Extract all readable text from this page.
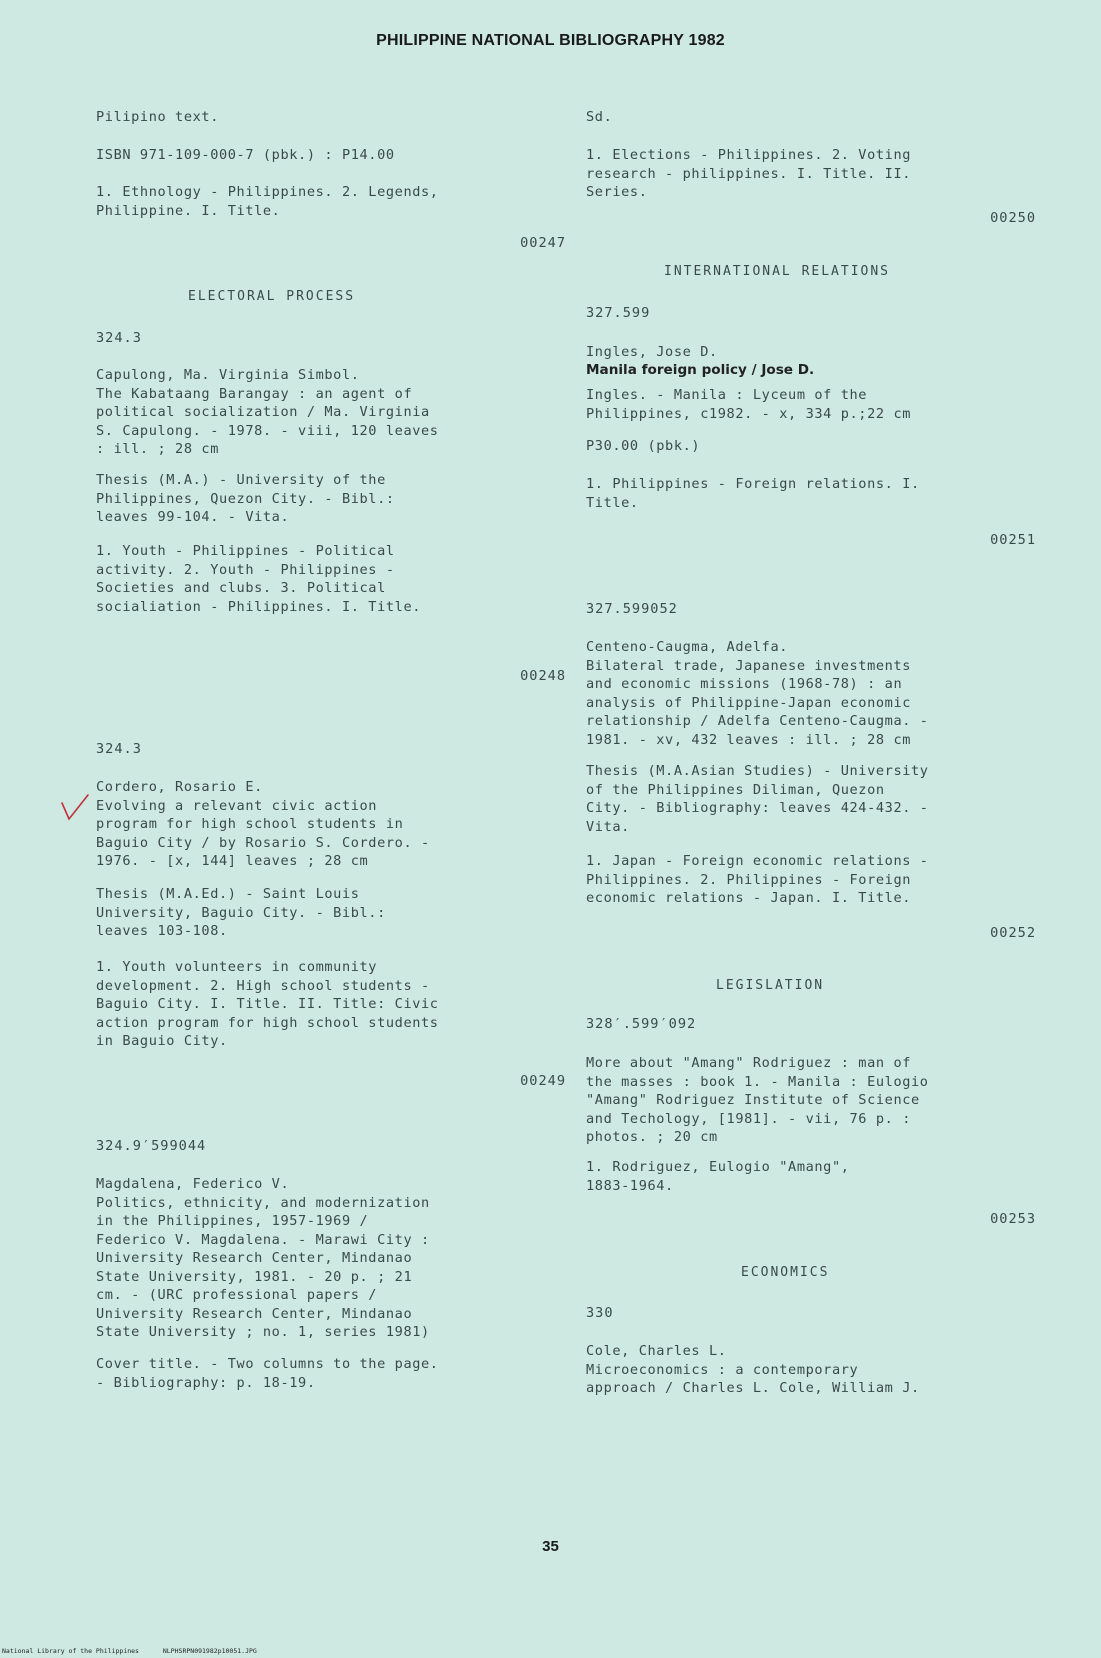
PHILIPPINE NATIONAL BIBLIOGRAPHY 1982
Pilipino text.
ISBN 971-109-000-7 (pbk.) : P14.00
1. Ethnology - Philippines. 2. Legends,
Philippine. I. Title.
00247
ELECTORAL PROCESS
324.3
Capulong, Ma. Virginia Simbol.
The Kabataang Barangay : an agent of
political socialization / Ma. Virginia
S. Capulong. - 1978. - viii, 120 leaves
: ill. ; 28 cm
Thesis (M.A.) - University of the
Philippines, Quezon City. - Bibl.:
leaves 99-104. - Vita.
1. Youth - Philippines - Political
activity. 2. Youth - Philippines -
Societies and clubs. 3. Political
socialiation - Philippines. I. Title.
00248
324.3
Cordero, Rosario E.
Evolving a relevant civic action
program for high school students in
Baguio City / by Rosario S. Cordero. -
1976. - [x, 144] leaves ; 28 cm
Thesis (M.A.Ed.) - Saint Louis
University, Baguio City. - Bibl.:
leaves 103-108.
1. Youth volunteers in community
development. 2. High school students -
Baguio City. I. Title. II. Title: Civic
action program for high school students
in Baguio City.
00249
324.9′599044
Magdalena, Federico V.
Politics, ethnicity, and modernization
in the Philippines, 1957-1969 /
Federico V. Magdalena. - Marawi City :
University Research Center, Mindanao
State University, 1981. - 20 p. ; 21
cm. - (URC professional papers /
University Research Center, Mindanao
State University ; no. 1, series 1981)
Cover title. - Two columns to the page.
- Bibliography: p. 18-19.
Sd.
1. Elections - Philippines. 2. Voting
research - philippines. I. Title. II.
Series.
00250
INTERNATIONAL RELATIONS
327.599
Ingles, Jose D.
Manila foreign policy / Jose D.
Ingles. - Manila : Lyceum of the
Philippines, c1982. - x, 334 p.;22 cm
P30.00 (pbk.)
1. Philippines - Foreign relations. I.
Title.
00251
327.599052
Centeno-Caugma, Adelfa.
Bilateral trade, Japanese investments
and economic missions (1968-78) : an
analysis of Philippine-Japan economic
relationship / Adelfa Centeno-Caugma. -
1981. - xv, 432 leaves : ill. ; 28 cm
Thesis (M.A.Asian Studies) - University
of the Philippines Diliman, Quezon
City. - Bibliography: leaves 424-432. -
Vita.
1. Japan - Foreign economic relations -
Philippines. 2. Philippines - Foreign
economic relations - Japan. I. Title.
00252
LEGISLATION
328′.599′092
More about "Amang" Rodriguez : man of
the masses : book 1. - Manila : Eulogio
"Amang" Rodriguez Institute of Science
and Techology, [1981]. - vii, 76 p. :
photos. ; 20 cm
1. Rodriguez, Eulogio "Amang",
1883-1964.
00253
ECONOMICS
330
Cole, Charles L.
Microeconomics : a contemporary
approach / Charles L. Cole, William J.
35
National Library of the Philippines	NLPHSRPN091982p10051.JPG
